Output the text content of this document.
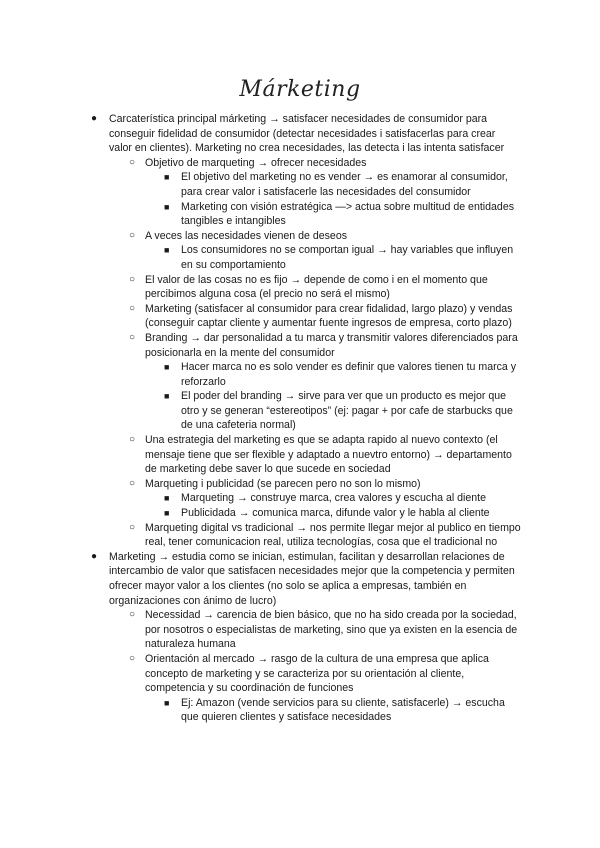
Márketing
● Carcaterística principal márketing → satisfacer necesidades de consumidor para conseguir fidelidad de consumidor (detectar necesidades i satisfacerlas para crear valor en clientes). Marketing no crea necesidades, las detecta i las intenta satisfacer
○ Objetivo de marqueting → ofrecer necesidades
■ El objetivo del marketing no es vender → es enamorar al consumidor, para crear valor i satisfacerle las necesidades del consumidor
■ Marketing con visión estratégica —> actua sobre multitud de entidades tangibles e intangibles
○ A veces las necesidades vienen de deseos
■ Los consumidores no se comportan igual → hay variables que influyen en su comportamiento
○ El valor de las cosas no es fijo → depende de como i en el momento que percibimos alguna cosa (el precio no será el mismo)
○ Marketing (satisfacer al consumidor para crear fidalidad, largo plazo) y vendas (conseguir captar cliente y aumentar fuente ingresos de empresa, corto plazo)
○ Branding → dar personalidad a tu marca y transmitir valores diferenciados para posicionarla en la mente del consumidor
■ Hacer marca no es solo vender es definir que valores tienen tu marca y reforzarlo
■ El poder del branding → sirve para ver que un producto es mejor que otro y se generan “estereotipos” (ej: pagar + por cafe de starbucks que de una cafeteria normal)
○ Una estrategia del marketing es que se adapta rapido al nuevo contexto (el mensaje tiene que ser flexible y adaptado a nuevtro entorno) → departamento de marketing debe saver lo que sucede en sociedad
○ Marqueting i publicidad (se parecen pero no son lo mismo)
■ Marqueting → construye marca, crea valores y escucha al diente
■ Publicidada → comunica marca, difunde valor y le habla al cliente
○ Marqueting digital vs tradicional → nos permite llegar mejor al publico en tiempo real, tener comunicacion real, utiliza tecnologías, cosa que el tradicional no
● Marketing → estudia como se inician, estimulan, facilitan y desarrollan relaciones de intercambio de valor que satisfacen necesidades mejor que la competencia y permiten ofrecer mayor valor a los clientes (no solo se aplica a empresas, también en organizaciones con ánimo de lucro)
○ Necessidad → carencia de bien básico, que no ha sido creada por la sociedad, por nosotros o especialistas de marketing, sino que ya existen en la esencia de naturaleza humana
○ Orientación al mercado → rasgo de la cultura de una empresa que aplica concepto de marketing y se caracteriza por su orientación al cliente, competencia y su coordinación de funciones
■ Ej: Amazon (vende servicios para su cliente, satisfacerle) → escucha que quieren clientes y satisface necesidades
